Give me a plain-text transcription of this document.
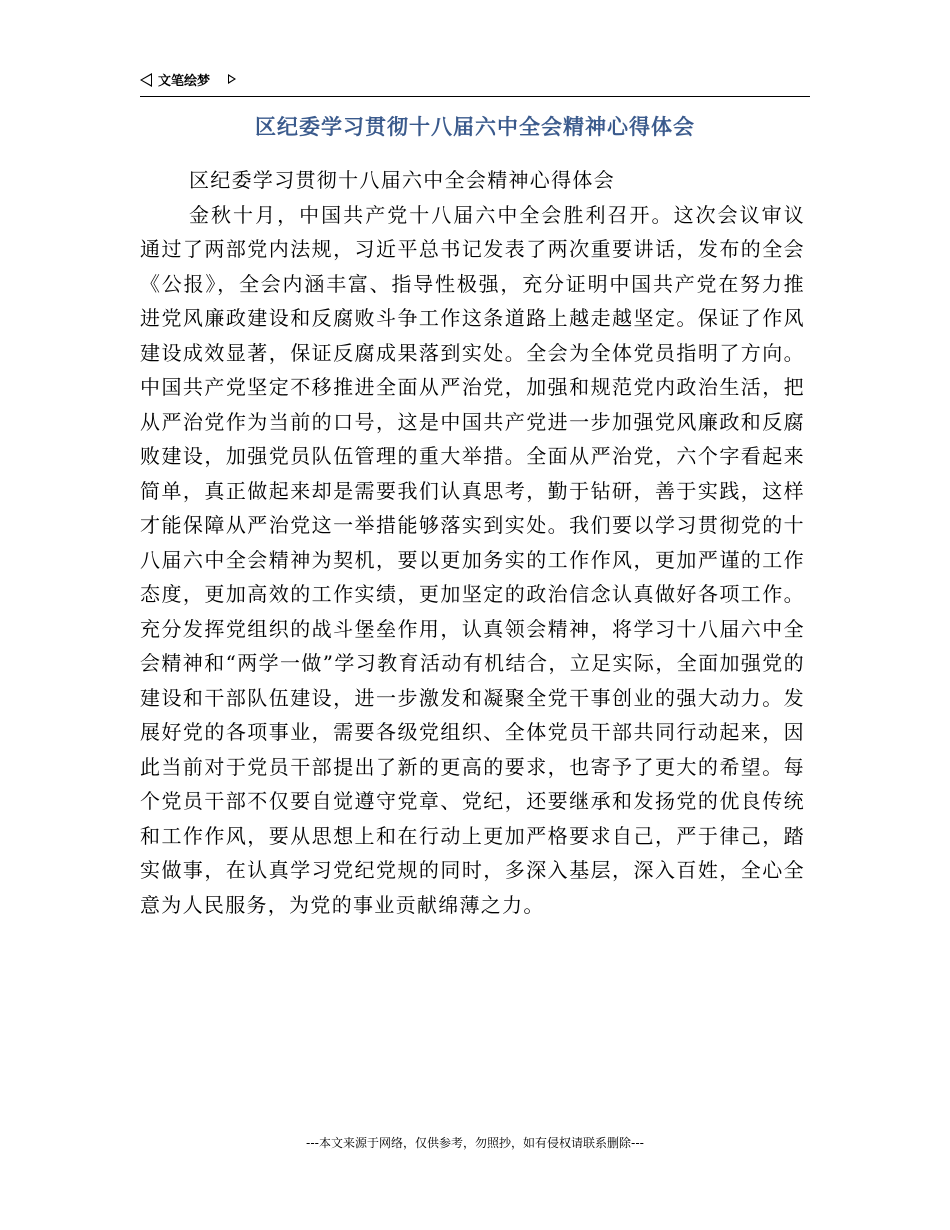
文笔绘梦
区纪委学习贯彻十八届六中全会精神心得体会

区纪委学习贯彻十八届六中全会精神心得体会

金秋十月，中国共产党十八届六中全会胜利召开。这次会议审议通过了两部党内法规，习近平总书记发表了两次重要讲话，发布的全会《公报》，全会内涵丰富、指导性极强，充分证明中国共产党在努力推进党风廉政建设和反腐败斗争工作这条道路上越走越坚定。保证了作风建设成效显著，保证反腐成果落到实处。全会为全体党员指明了方向。中国共产党坚定不移推进全面从严治党，加强和规范党内政治生活，把从严治党作为当前的口号，这是中国共产党进一步加强党风廉政和反腐败建设，加强党员队伍管理的重大举措。全面从严治党，六个字看起来简单，真正做起来却是需要我们认真思考，勤于钻研，善于实践，这样才能保障从严治党这一举措能够落实到实处。我们要以学习贯彻党的十八届六中全会精神为契机，要以更加务实的工作作风，更加严谨的工作态度，更加高效的工作实绩，更加坚定的政治信念认真做好各项工作。充分发挥党组织的战斗堡垒作用，认真领会精神，将学习十八届六中全会精神和“两学一做”学习教育活动有机结合，立足实际，全面加强党的建设和干部队伍建设，进一步激发和凝聚全党干事创业的强大动力。发展好党的各项事业，需要各级党组织、全体党员干部共同行动起来，因此当前对于党员干部提出了新的更高的要求，也寄予了更大的希望。每个党员干部不仅要自觉遵守党章、党纪，还要继承和发扬党的优良传统和工作作风，要从思想上和在行动上更加严格要求自己，严于律己，踏实做事，在认真学习党纪党规的同时，多深入基层，深入百姓，全心全意为人民服务，为党的事业贡献绵薄之力。

---本文来源于网络，仅供参考，勿照抄，如有侵权请联系删除---
